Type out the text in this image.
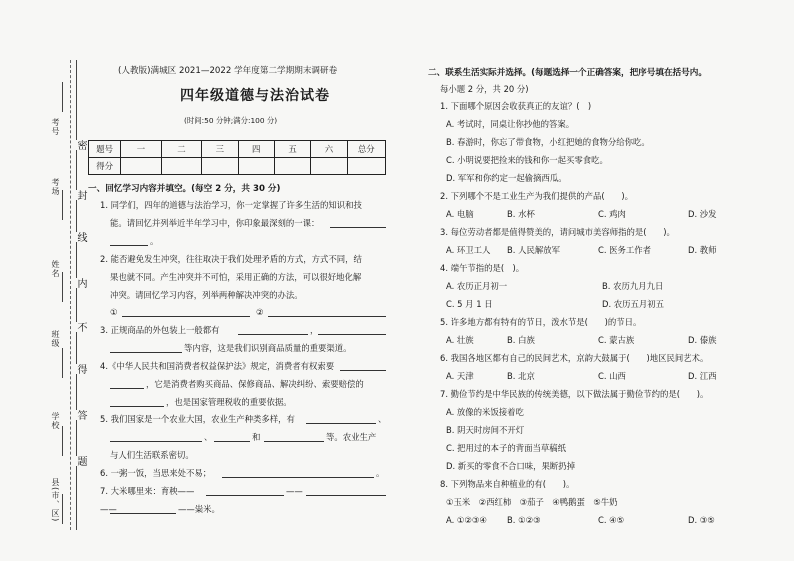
考号
考场
姓名
班级
学校
县(市、区)
密
封
线
内
不
得
答
题
(人教版)满城区 2021—2022 学年度第二学期期末调研卷
四年级道德与法治试卷
(时间:50 分钟;满分:100 分)
题号	一	二	三	四	五	六	总分
得分							
一、回忆学习内容并填空。(每空 2 分，共 30 分)
1. 同学们，四年的道德与法治学习，你一定掌握了许多生活的知识和技
能。请回忆并列举近半年学习中，你印象最深刻的一课：
。
2. 能否避免发生冲突，往往取决于我们处理矛盾的方式，方式不同，结
果也就不同。产生冲突并不可怕，采用正确的方法，可以很好地化解
冲突。请回忆学习内容，列举两种解决冲突的办法。
①	②
3. 正规商品的外包装上一般都有	，
等内容，这是我们识别商品质量的重要渠道。
4.《中华人民共和国消费者权益保护法》规定，消费者有权索要
，它是消费者购买商品、保修商品、解决纠纷、索要赔偿的
，也是国家管理税收的重要依据。
5. 我们国家是一个农业大国，农业生产种类多样，有	、
、	和	等。农业生产
与人们生活联系密切。
6. 一粥一饭，当思来处不易；	。
7. 大米哪里来：育秧——	——
——	——粜米。
二、联系生活实际并选择。(每题选择一个正确答案，把序号填在括号内。
每小题 2 分，共 20 分)
1. 下面哪个原因会收获真正的友谊？(　)
A. 考试时，同桌让你抄他的答案。
B. 春游时，你忘了带食物，小红把她的食物分给你吃。
C. 小明说要把捡来的钱和你一起买零食吃。
D. 军军和你约定一起偷摘西瓜。
2. 下列哪个不是工业生产为我们提供的产品(　　)。
A. 电脑	B. 水杯	C. 鸡肉	D. 沙发
3. 每位劳动者都是值得赞美的，请问城市美容师指的是(　　)。
A. 环卫工人 B. 人民解放军	C. 医务工作者	D. 教师
4. 端午节指的是(　)。
A. 农历正月初一	B. 农历九月九日
C. 5 月 1 日	D. 农历五月初五
5. 许多地方都有特有的节日，泼水节是(　　)的节日。
A. 壮族	B. 白族	C. 蒙古族	D. 傣族
6. 我国各地区都有自己的民间艺术，京韵大鼓属于(　　)地区民间艺术。
A. 天津	B. 北京	C. 山西	D. 江西
7. 勤俭节约是中华民族的传统美德，以下做法属于勤俭节约的是(　　)。
A. 放像的米饭接着吃
B. 阴天时房间不开灯
C. 把用过的本子的背面当草稿纸
D. 新买的零食不合口味，果断扔掉
8. 下列物品来自种植业的有(　　)。
①玉米　②西红柿　③茄子　④鸭鹅蛋　⑤牛奶
A. ①②③④ B. ①②③	C. ④⑤	D. ③⑤
